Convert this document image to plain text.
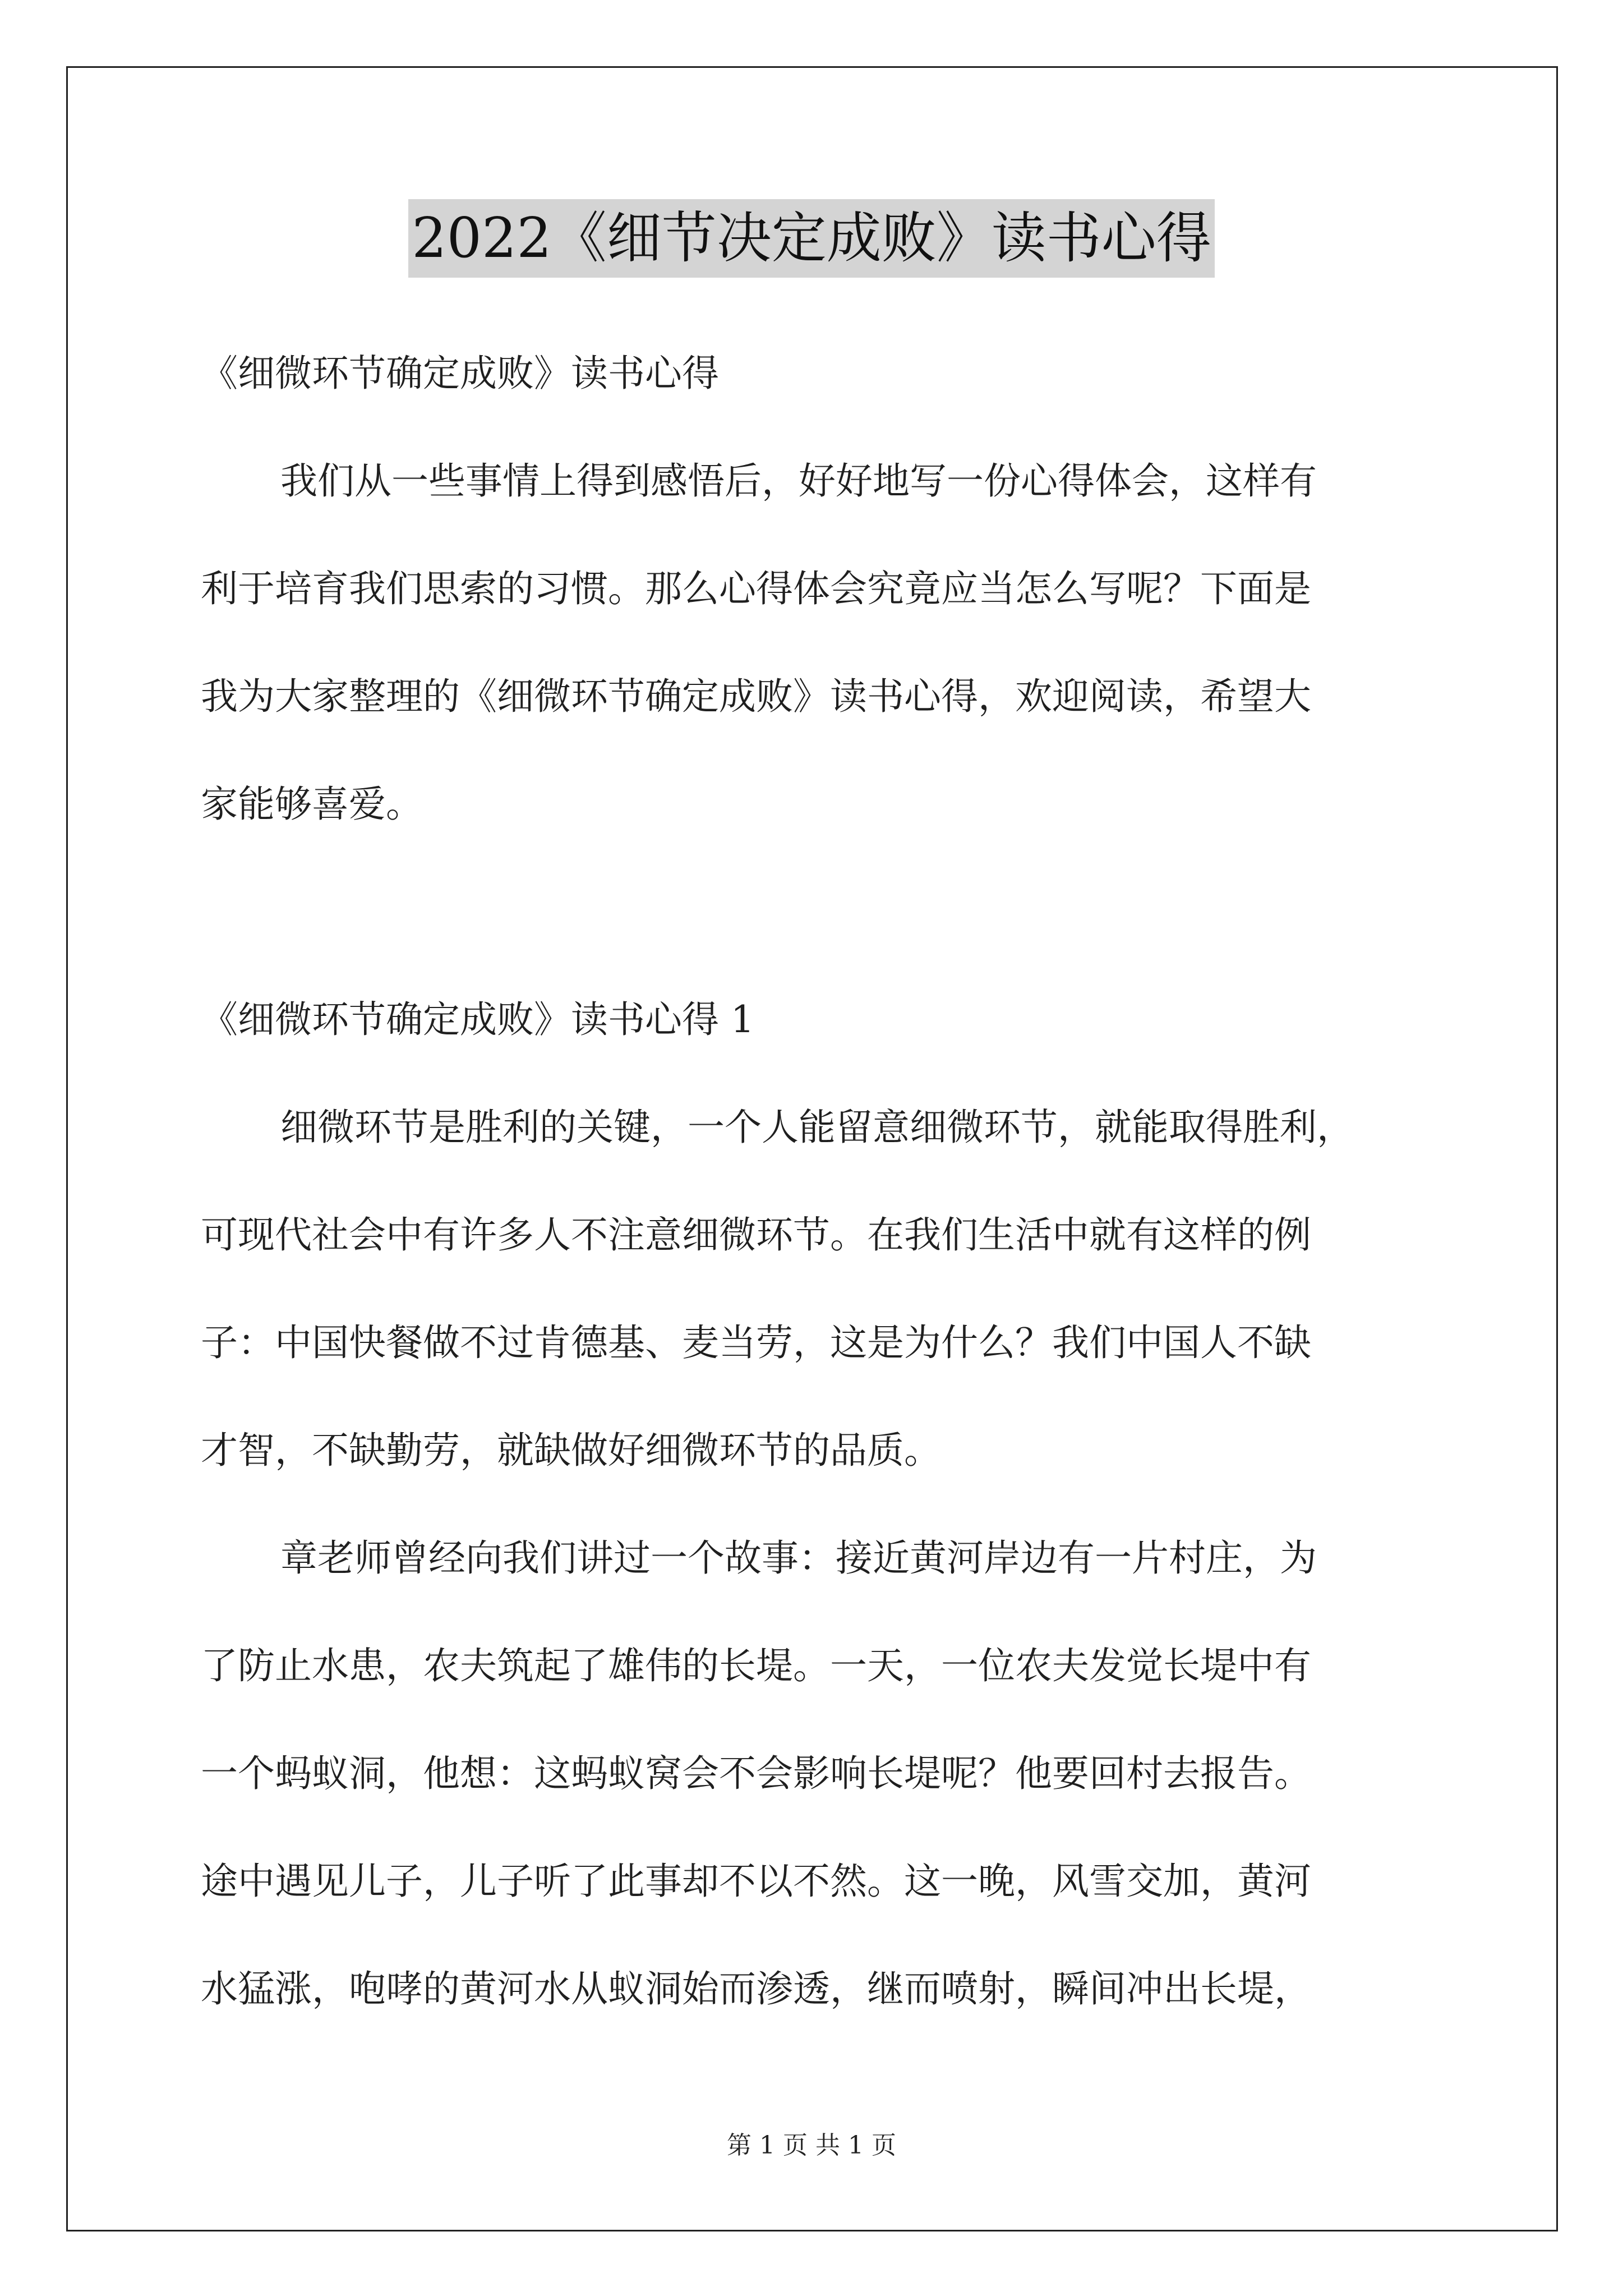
2022《细节决定成败》读书心得
《细微环节确定成败》读书心得
我们从一些事情上得到感悟后，好好地写一份心得体会，这样有
利于培育我们思索的习惯。那么心得体会究竟应当怎么写呢？下面是
我为大家整理的《细微环节确定成败》读书心得，欢迎阅读，希望大
家能够喜爱。
《细微环节确定成败》读书心得 1
细微环节是胜利的关键，一个人能留意细微环节，就能取得胜利，
可现代社会中有许多人不注意细微环节。在我们生活中就有这样的例
子：中国快餐做不过肯德基、麦当劳，这是为什么？我们中国人不缺
才智，不缺勤劳，就缺做好细微环节的品质。
章老师曾经向我们讲过一个故事：接近黄河岸边有一片村庄，为
了防止水患，农夫筑起了雄伟的长堤。一天，一位农夫发觉长堤中有
一个蚂蚁洞，他想：这蚂蚁窝会不会影响长堤呢？他要回村去报告。
途中遇见儿子，儿子听了此事却不以不然。这一晚，风雪交加，黄河
水猛涨，咆哮的黄河水从蚁洞始而渗透，继而喷射，瞬间冲出长堤，
第 1 页 共 1 页
